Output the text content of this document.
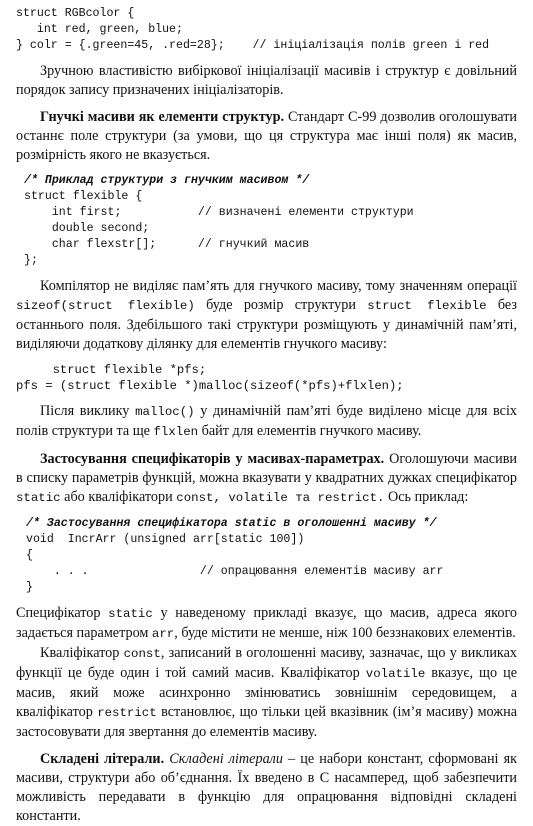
struct RGBcolor {
int red, green, blue;
} colr = {.green=45, .red=28};    // ініціалізація полів green і red

Зручною властивістю вибіркової ініціалізації масивів і структур є довільний порядок запису призначених ініціалізаторів.

Гнучкі масиви як елементи структур. Стандарт С-99 дозволив оголошувати останнє поле структури (за умови, що ця структура має інші поля) як масив, розмірність якого не вказується.

/* Приклад структури з гнучким масивом */
struct flexible {
int first;           // визначені елементи структури
double second;
char flexstr[];      // гнучкий масив
};

Компілятор не виділяє пам’ять для гнучкого масиву, тому значенням операції sizeof(struct flexible) буде розмір структури struct flexible без останнього поля. Здебільшого такі структури розміщують у динамічній пам’яті, виділяючи додаткову ділянку для елементів гнучкого масиву:

struct flexible *pfs;
pfs = (struct flexible *)malloc(sizeof(*pfs)+flxlen);

Після виклику malloc() у динамічній пам’яті буде виділено місце для всіх полів структури та ще flxlen байт для елементів гнучкого масиву.

Застосування специфікаторів у масивах-параметрах. Оголошуючи масиви в списку параметрів функцій, можна вказувати у квадратних дужках специфікатор static або кваліфікатори const, volatile та restrict. Ось приклад:

/* Застосування специфікатора static в оголошенні масиву */
void  IncrArr (unsigned arr[static 100])
{
. . .                // опрацювання елементів масиву arr
}

Специфікатор static у наведеному прикладі вказує, що масив, адреса якого задається параметром arr, буде містити не менше, ніж 100 беззнакових елементів.

Кваліфікатор const, записаний в оголошенні масиву, зазначає, що у викликах функції це буде один і той самий масив. Кваліфікатор volatile вказує, що це масив, який може асинхронно змінюватись зовнішнім середовищем, а кваліфікатор restrict встановлює, що тільки цей вказівник (ім’я масиву) можна застосовувати для звертання до елементів масиву.

Складені літерали. Складені літерали – це набори констант, сформовані як масиви, структури або об’єднання. Їх введено в С насамперед, щоб забезпечити можливість передавати в функцію для опрацювання відповідні складені константи.
